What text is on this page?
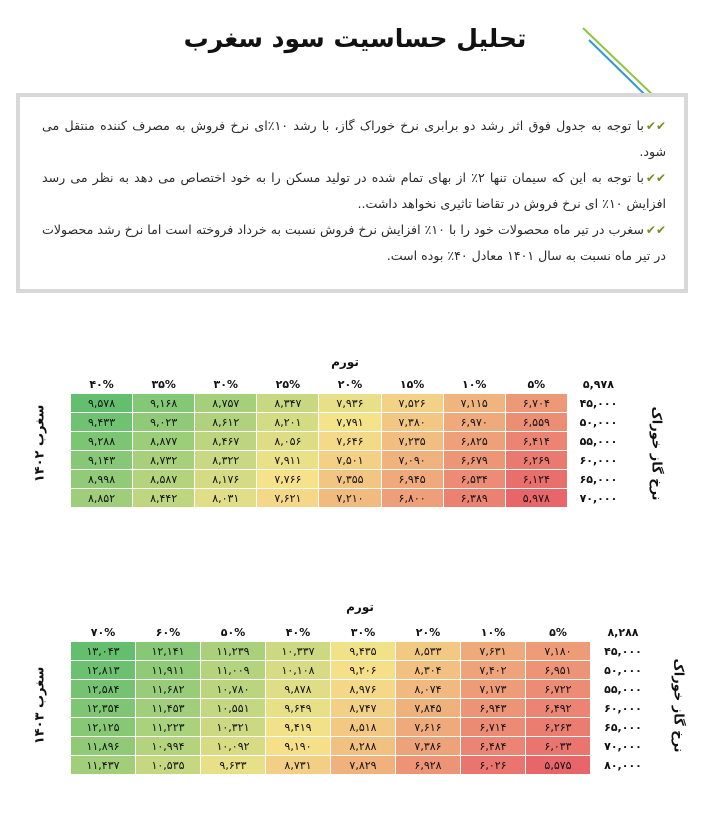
تحلیل حساسیت سود سغرب
✔✔با توجه به جدول فوق اثر رشد دو برابری نرخ خوراک گاز، با رشد ۱۰٪ای نرخ فروش به مصرف کننده منتقل می شود.
✔✔با توجه به این که سیمان تنها ۲٪ از بهای تمام شده در تولید مسکن را به خود اختصاص می دهد به نظر می رسد افزایش ۱۰٪ ای نرخ فروش در تقاضا تاثیری نخواهد داشت..
✔✔سغرب در تیر ماه محصولات خود را با ۱۰٪ افزایش نرخ فروش نسبت به خرداد فروخته است اما نرخ رشد محصولات در تیر ماه نسبت به سال ۱۴۰۱ معادل ۴۰٪ بوده است.
تورم
نرخ گاز خوراک
سغرب ۱۴۰۲
۴۰%	۳۵%	۳۰%	۲۵%	۲۰%	۱۵%	۱۰%	۵%	۵,۹۷۸
۹,۵۷۸	۹,۱۶۸	۸,۷۵۷	۸,۳۴۷	۷,۹۳۶	۷,۵۲۶	۷,۱۱۵	۶,۷۰۴	۴۵,۰۰۰
۹,۴۳۳	۹,۰۲۳	۸,۶۱۲	۸,۲۰۱	۷,۷۹۱	۷,۳۸۰	۶,۹۷۰	۶,۵۵۹	۵۰,۰۰۰
۹,۲۸۸	۸,۸۷۷	۸,۴۶۷	۸,۰۵۶	۷,۶۴۶	۷,۲۳۵	۶,۸۲۵	۶,۴۱۴	۵۵,۰۰۰
۹,۱۴۳	۸,۷۳۲	۸,۳۲۲	۷,۹۱۱	۷,۵۰۱	۷,۰۹۰	۶,۶۷۹	۶,۲۶۹	۶۰,۰۰۰
۸,۹۹۸	۸,۵۸۷	۸,۱۷۶	۷,۷۶۶	۷,۳۵۵	۶,۹۴۵	۶,۵۳۴	۶,۱۲۴	۶۵,۰۰۰
۸,۸۵۲	۸,۴۴۲	۸,۰۳۱	۷,۶۲۱	۷,۲۱۰	۶,۸۰۰	۶,۳۸۹	۵,۹۷۸	۷۰,۰۰۰
تورم
نرخ گاز خوراک
سغرب ۱۴۰۳
۷۰%	۶۰%	۵۰%	۴۰%	۳۰%	۲۰%	۱۰%	۵%	۸,۲۸۸
۱۳,۰۴۳	۱۲,۱۴۱	۱۱,۲۳۹	۱۰,۳۳۷	۹,۴۳۵	۸,۵۳۳	۷,۶۳۱	۷,۱۸۰	۴۵,۰۰۰
۱۲,۸۱۳	۱۱,۹۱۱	۱۱,۰۰۹	۱۰,۱۰۸	۹,۲۰۶	۸,۳۰۴	۷,۴۰۲	۶,۹۵۱	۵۰,۰۰۰
۱۲,۵۸۴	۱۱,۶۸۲	۱۰,۷۸۰	۹,۸۷۸	۸,۹۷۶	۸,۰۷۴	۷,۱۷۳	۶,۷۲۲	۵۵,۰۰۰
۱۲,۳۵۴	۱۱,۴۵۳	۱۰,۵۵۱	۹,۶۴۹	۸,۷۴۷	۷,۸۴۵	۶,۹۴۳	۶,۴۹۲	۶۰,۰۰۰
۱۲,۱۲۵	۱۱,۲۲۳	۱۰,۳۲۱	۹,۴۱۹	۸,۵۱۸	۷,۶۱۶	۶,۷۱۴	۶,۲۶۳	۶۵,۰۰۰
۱۱,۸۹۶	۱۰,۹۹۴	۱۰,۰۹۲	۹,۱۹۰	۸,۲۸۸	۷,۳۸۶	۶,۴۸۴	۶,۰۳۳	۷۰,۰۰۰
۱۱,۴۳۷	۱۰,۵۳۵	۹,۶۳۳	۸,۷۳۱	۷,۸۲۹	۶,۹۲۸	۶,۰۲۶	۵,۵۷۵	۸۰,۰۰۰
